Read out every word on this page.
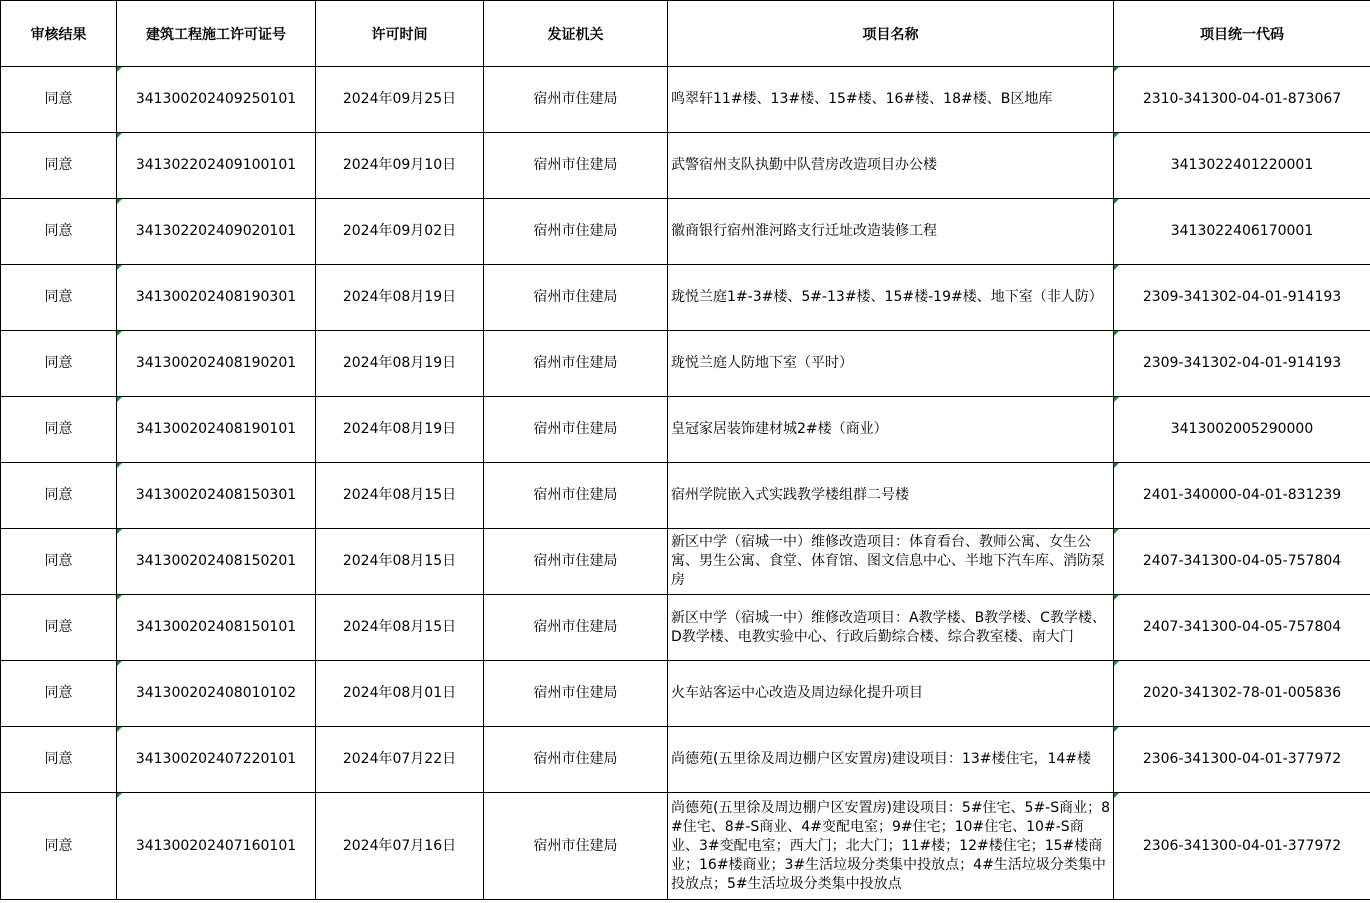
审核结果	建筑工程施工许可证号	许可时间	发证机关	项目名称	项目统一代码
同意	341300202409250101	2024年09月25日	宿州市住建局	鸣翠轩11#楼、13#楼、15#楼、16#楼、18#楼、B区地库	2310-341300-04-01-873067
同意	341302202409100101	2024年09月10日	宿州市住建局	武警宿州支队执勤中队营房改造项目办公楼	3413022401220001
同意	341302202409020101	2024年09月02日	宿州市住建局	徽商银行宿州淮河路支行迁址改造装修工程	3413022406170001
同意	341300202408190301	2024年08月19日	宿州市住建局	珑悦兰庭1#-3#楼、5#-13#楼、15#楼-19#楼、地下室（非人防）	2309-341302-04-01-914193
同意	341300202408190201	2024年08月19日	宿州市住建局	珑悦兰庭人防地下室（平时）	2309-341302-04-01-914193
同意	341300202408190101	2024年08月19日	宿州市住建局	皇冠家居装饰建材城2#楼（商业）	3413002005290000
同意	341300202408150301	2024年08月15日	宿州市住建局	宿州学院嵌入式实践教学楼组群二号楼	2401-340000-04-01-831239
同意	341300202408150201	2024年08月15日	宿州市住建局	新区中学（宿城一中）维修改造项目：体育看台、教师公寓、女生公寓、男生公寓、食堂、体育馆、图文信息中心、半地下汽车库、消防泵房	2407-341300-04-05-757804
同意	341300202408150101	2024年08月15日	宿州市住建局	新区中学（宿城一中）维修改造项目：A教学楼、B教学楼、C教学楼、D教学楼、电教实验中心、行政后勤综合楼、综合教室楼、南大门	2407-341300-04-05-757804
同意	341300202408010102	2024年08月01日	宿州市住建局	火车站客运中心改造及周边绿化提升项目	2020-341302-78-01-005836
同意	341300202407220101	2024年07月22日	宿州市住建局	尚德苑(五里徐及周边棚户区安置房)建设项目：13#楼住宅，14#楼	2306-341300-04-01-377972
同意	341300202407160101	2024年07月16日	宿州市住建局	尚德苑(五里徐及周边棚户区安置房)建设项目：5#住宅、5#-S商业；8#住宅、8#-S商业、4#变配电室；9#住宅；10#住宅、10#-S商业、3#变配电室；西大门；北大门；11#楼；12#楼住宅；15#楼商业；16#楼商业；3#生活垃圾分类集中投放点；4#生活垃圾分类集中投放点；5#生活垃圾分类集中投放点	2306-341300-04-01-377972
